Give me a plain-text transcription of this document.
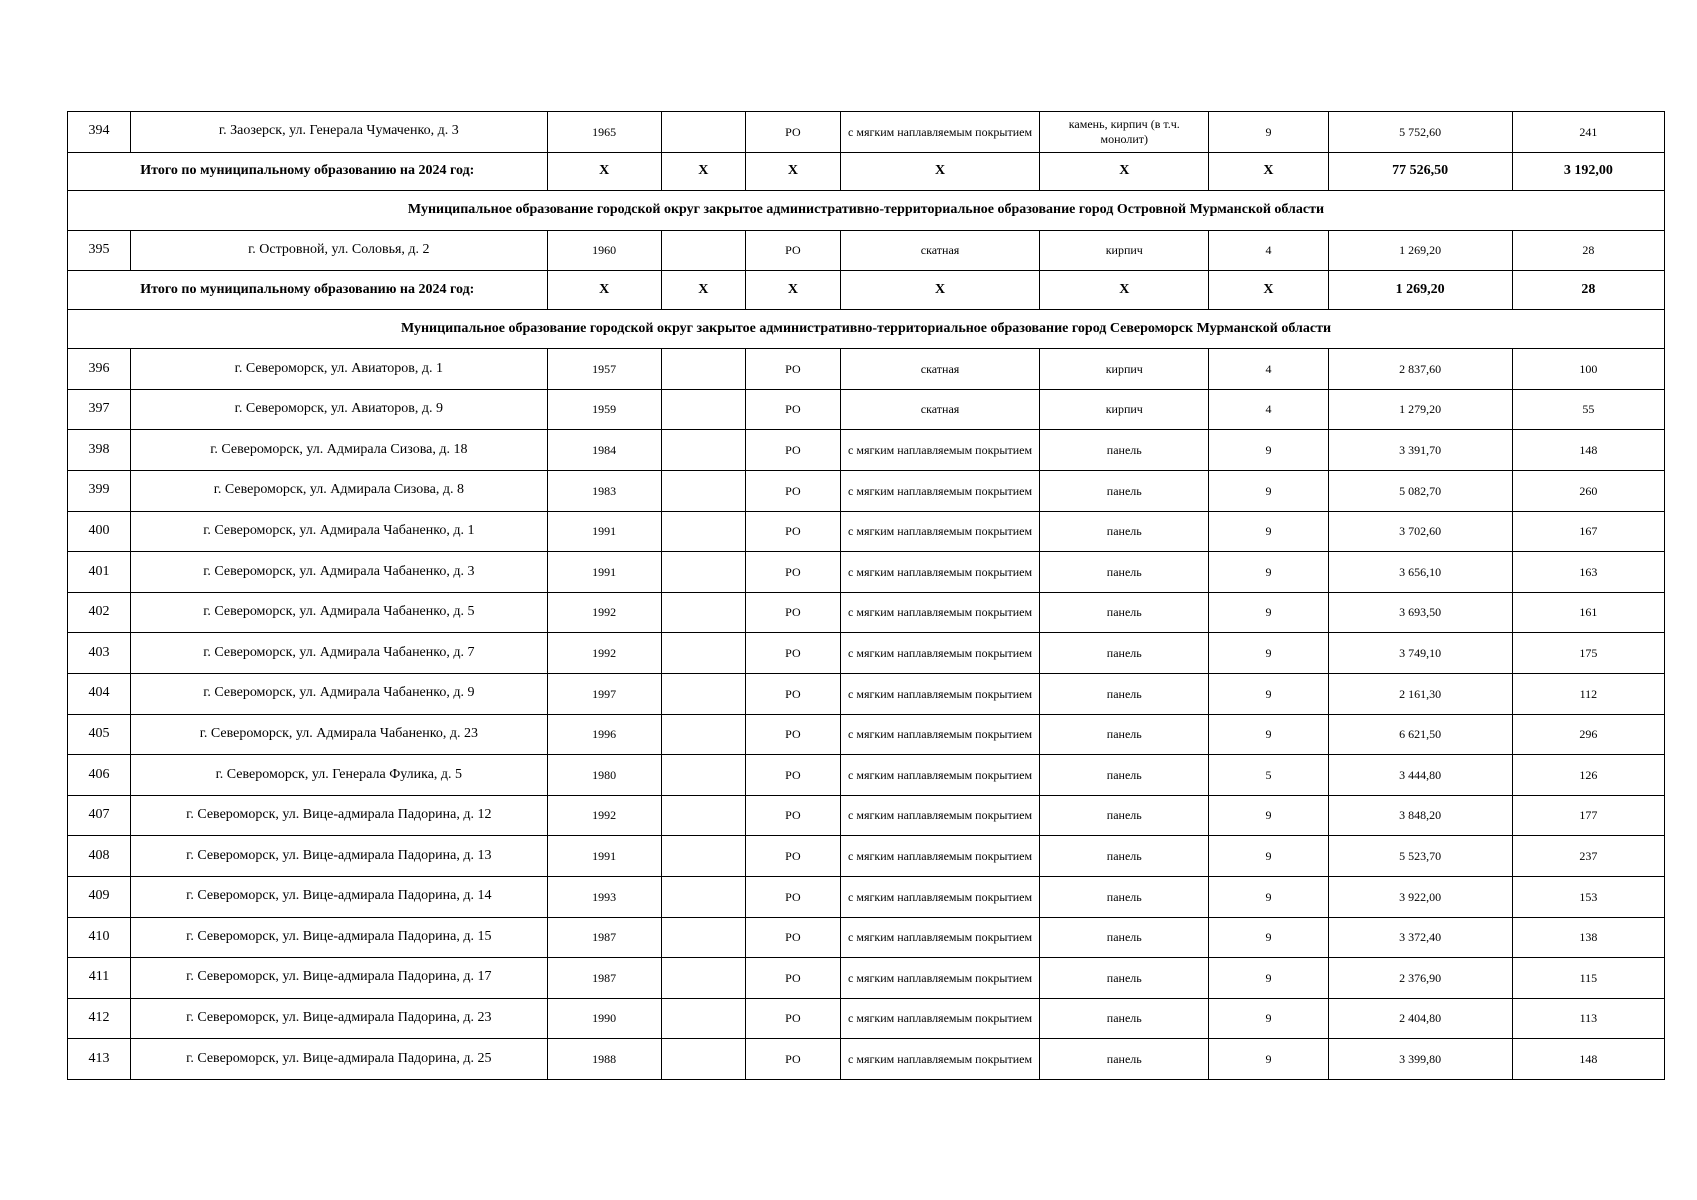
394	г. Заозерск, ул. Генерала Чумаченко, д. 3	1965		РО	с мягким наплавляемым покрытием	камень, кирпич (в т.ч. монолит)	9	5 752,60	241
Итого по муниципальному образованию на 2024 год:		X	X	X	X	X	X	77 526,50	3 192,00
Муниципальное образование городской округ закрытое административно-территориальное образование город Островной Мурманской области									
395	г. Островной, ул. Соловья, д. 2	1960		РО	скатная	кирпич	4	1 269,20	28
Итого по муниципальному образованию на 2024 год:		X	X	X	X	X	X	1 269,20	28
Муниципальное образование городской округ закрытое административно-территориальное образование город Североморск Мурманской области									
396	г. Североморск, ул. Авиаторов, д. 1	1957		РО	скатная	кирпич	4	2 837,60	100
397	г. Североморск, ул. Авиаторов, д. 9	1959		РО	скатная	кирпич	4	1 279,20	55
398	г. Североморск, ул. Адмирала Сизова, д. 18	1984		РО	с мягким наплавляемым покрытием	панель	9	3 391,70	148
399	г. Североморск, ул. Адмирала Сизова, д. 8	1983		РО	с мягким наплавляемым покрытием	панель	9	5 082,70	260
400	г. Североморск, ул. Адмирала Чабаненко, д. 1	1991		РО	с мягким наплавляемым покрытием	панель	9	3 702,60	167
401	г. Североморск, ул. Адмирала Чабаненко, д. 3	1991		РО	с мягким наплавляемым покрытием	панель	9	3 656,10	163
402	г. Североморск, ул. Адмирала Чабаненко, д. 5	1992		РО	с мягким наплавляемым покрытием	панель	9	3 693,50	161
403	г. Североморск, ул. Адмирала Чабаненко, д. 7	1992		РО	с мягким наплавляемым покрытием	панель	9	3 749,10	175
404	г. Североморск, ул. Адмирала Чабаненко, д. 9	1997		РО	с мягким наплавляемым покрытием	панель	9	2 161,30	112
405	г. Североморск, ул. Адмирала Чабаненко, д. 23	1996		РО	с мягким наплавляемым покрытием	панель	9	6 621,50	296
406	г. Североморск, ул. Генерала Фулика, д. 5	1980		РО	с мягким наплавляемым покрытием	панель	5	3 444,80	126
407	г. Североморск, ул. Вице-адмирала Падорина, д. 12	1992		РО	с мягким наплавляемым покрытием	панель	9	3 848,20	177
408	г. Североморск, ул. Вице-адмирала Падорина, д. 13	1991		РО	с мягким наплавляемым покрытием	панель	9	5 523,70	237
409	г. Североморск, ул. Вице-адмирала Падорина, д. 14	1993		РО	с мягким наплавляемым покрытием	панель	9	3 922,00	153
410	г. Североморск, ул. Вице-адмирала Падорина, д. 15	1987		РО	с мягким наплавляемым покрытием	панель	9	3 372,40	138
411	г. Североморск, ул. Вице-адмирала Падорина, д. 17	1987		РО	с мягким наплавляемым покрытием	панель	9	2 376,90	115
412	г. Североморск, ул. Вице-адмирала Падорина, д. 23	1990		РО	с мягким наплавляемым покрытием	панель	9	2 404,80	113
413	г. Североморск, ул. Вице-адмирала Падорина, д. 25	1988		РО	с мягким наплавляемым покрытием	панель	9	3 399,80	148
